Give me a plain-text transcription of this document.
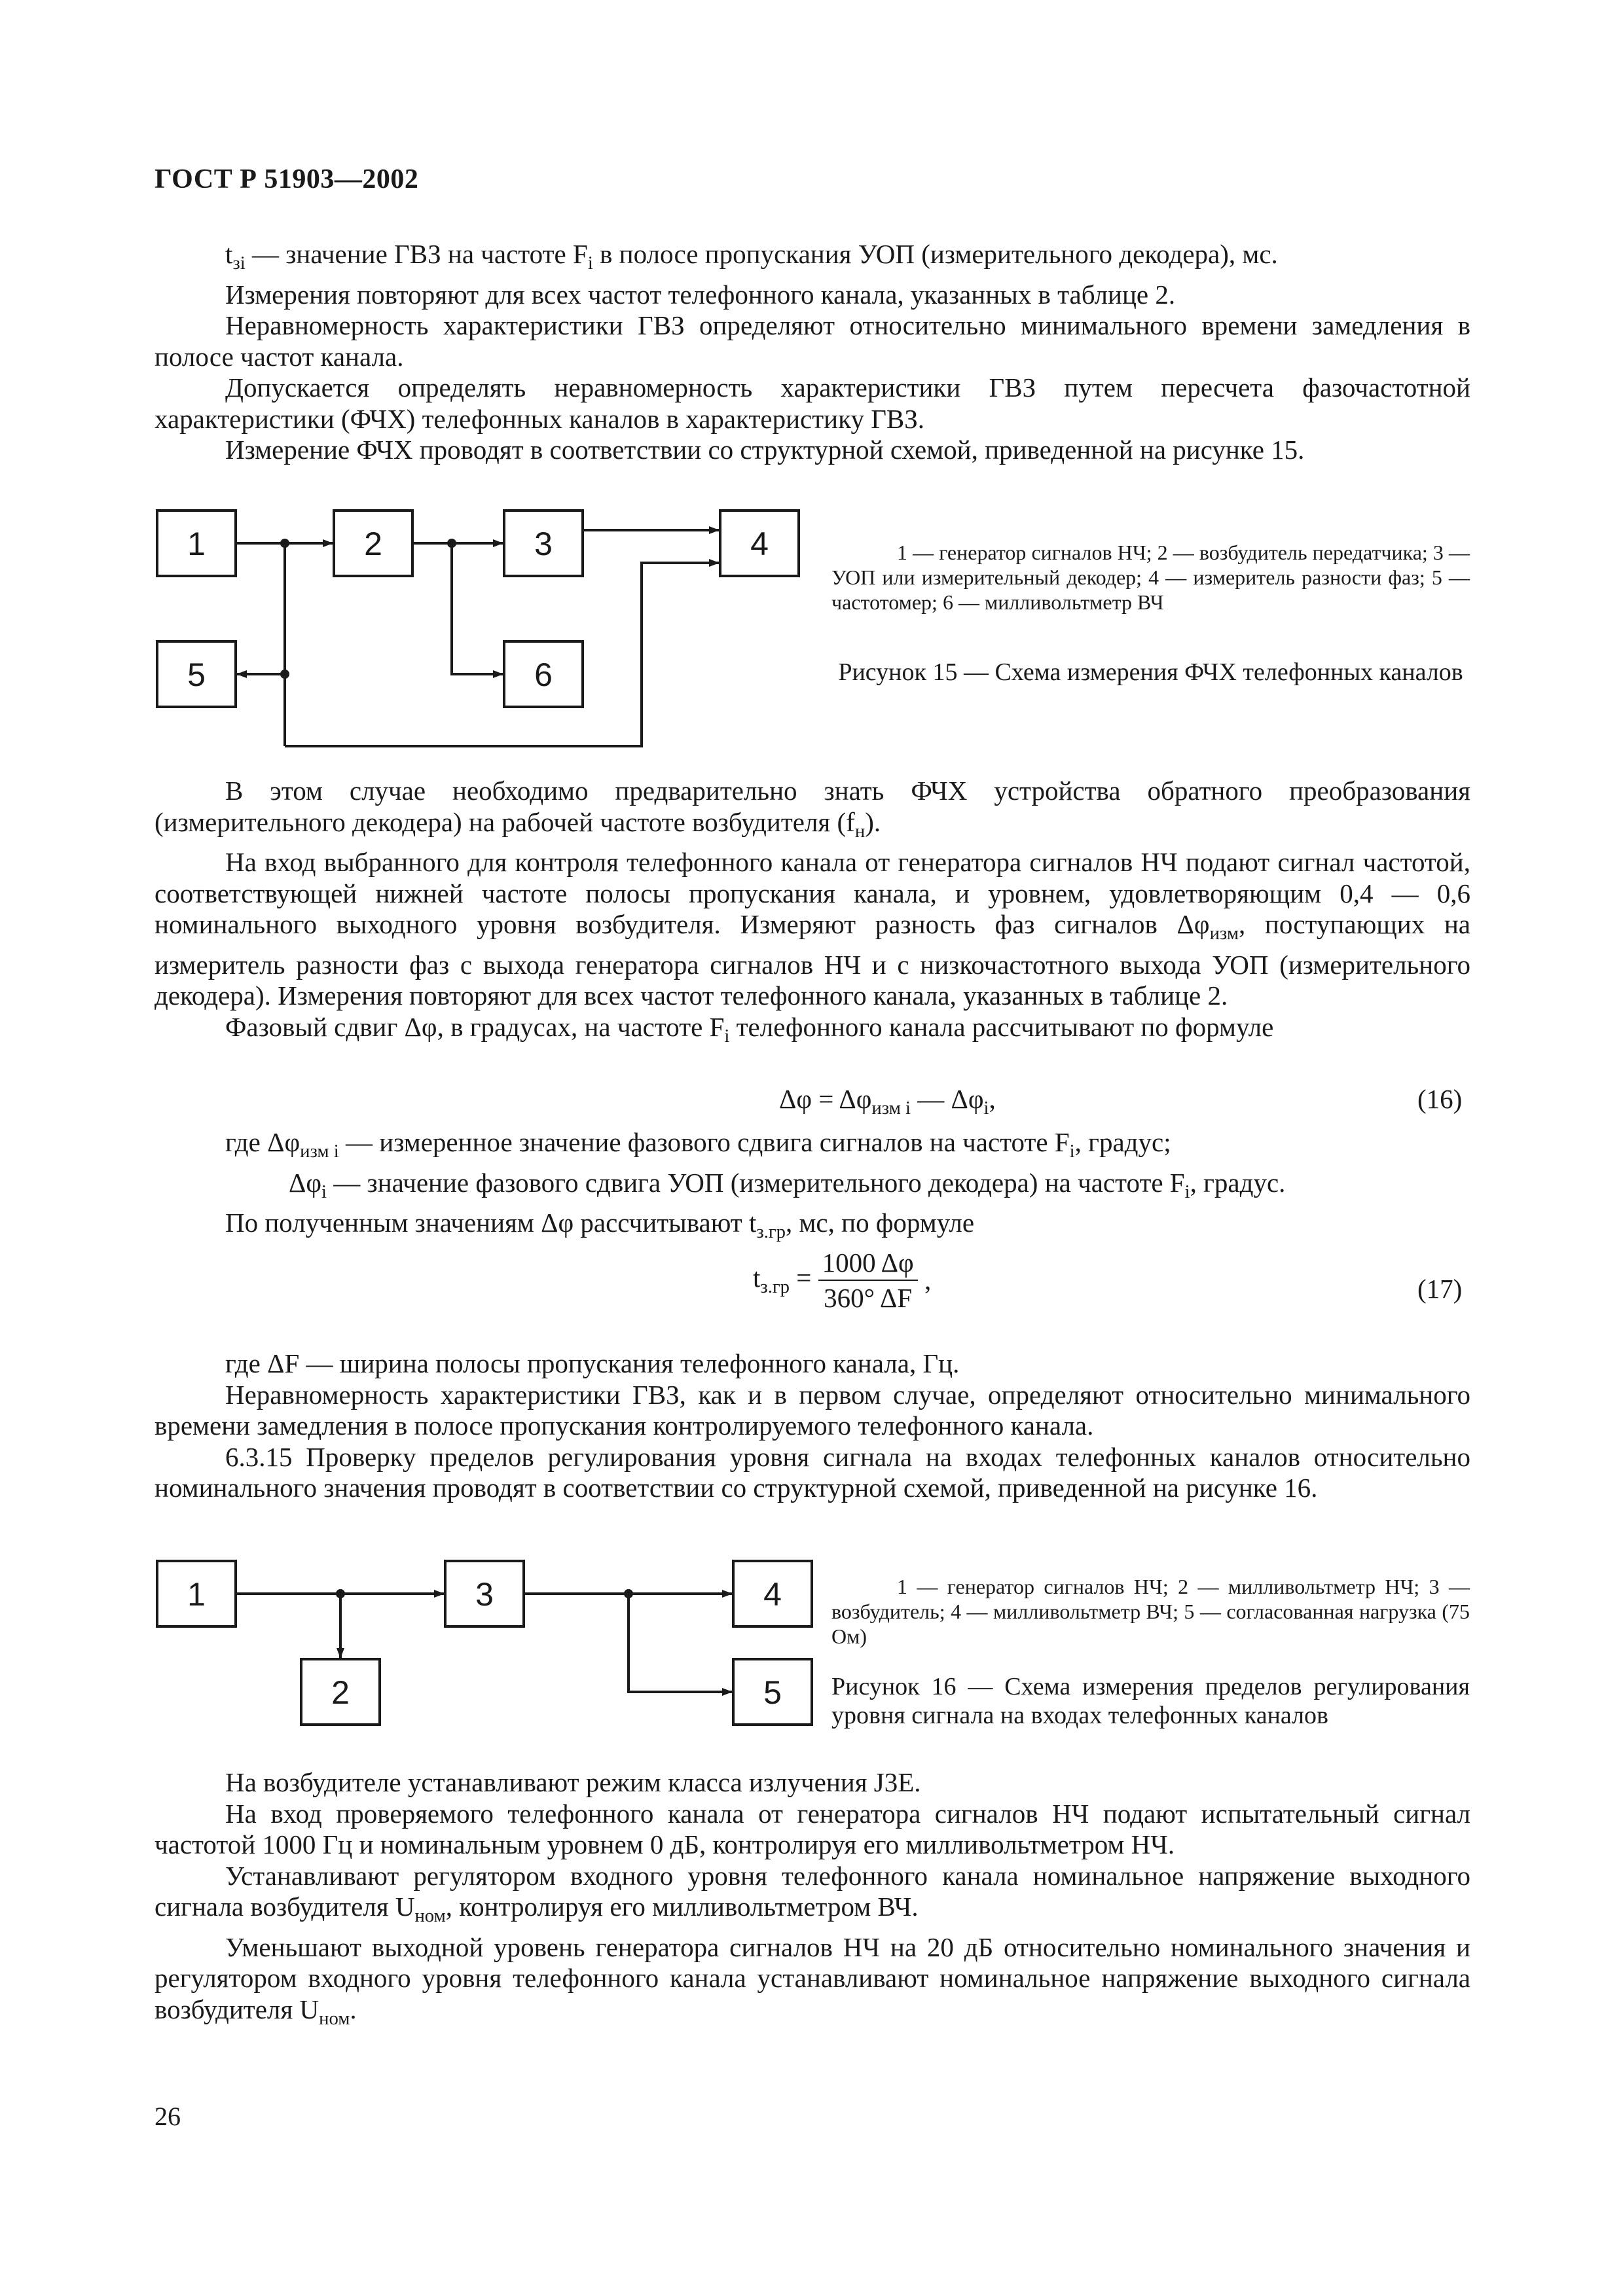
ГОСТ Р 51903—2002

$t_{зi}$ — значение ГВЗ на частоте $F_i$ в полосе пропускания УОП (измерительного декодера), мс.

Измерения повторяют для всех частот телефонного канала, указанных в таблице 2.

Неравномерность характеристики ГВЗ определяют относительно минимального времени замедления в полосе частот канала.

Допускается определять неравномерность характеристики ГВЗ путем пересчета фазочастотной характеристики (ФЧХ) телефонных каналов в характеристику ГВЗ.

Измерение ФЧХ проводят в соответствии со структурной схемой, приведенной на рисунке 15.

1	2	3	4
5	6
1 — генератор сигналов НЧ; 2 — возбудитель передатчика; 3 — УОП или измерительный декодер; 4 — измеритель разности фаз; 5 — частотомер; 6 — милливольтметр ВЧ
Рисунок 15 — Схема измерения ФЧХ телефонных каналов

В этом случае необходимо предварительно знать ФЧХ устройства обратного преобразования (измерительного декодера) на рабочей частоте возбудителя $(f_н)$.

На вход выбранного для контроля телефонного канала от генератора сигналов НЧ подают сигнал частотой, соответствующей нижней частоте полосы пропускания канала, и уровнем, удовлетворяющим 0,4 — 0,6 номинального выходного уровня возбудителя. Измеряют разность фаз сигналов $\Delta\varphi_{изм}$, поступающих на измеритель разности фаз с выхода генератора сигналов НЧ и с низкочастотного выхода УОП (измерительного декодера). Измерения повторяют для всех частот телефонного канала, указанных в таблице 2.

Фазовый сдвиг Δφ, в градусах, на частоте $F_i$ телефонного канала рассчитывают по формуле

$\Delta\varphi = \Delta\varphi_{изм i}$ — $\Delta\varphi_i$,	(16)

где $\Delta\varphi_{изм i}$ — измеренное значение фазового сдвига сигналов на частоте $F_i$, градус;

$\Delta\varphi_i$ — значение фазового сдвига УОП (измерительного декодера) на частоте $F_i$, градус.

По полученным значениям Δφ рассчитывают $t_{з.гр}$, мс, по формуле

$t_{з.гр} = \frac{1000 \Delta\varphi}{360^\circ \Delta F}$ ,	(17)

где ΔF — ширина полосы пропускания телефонного канала, Гц.

Неравномерность характеристики ГВЗ, как и в первом случае, определяют относительно минимального времени замедления в полосе пропускания контролируемого телефонного канала.

6.3.15 Проверку пределов регулирования уровня сигнала на входах телефонных каналов относительно номинального значения проводят в соответствии со структурной схемой, приведенной на рисунке 16.

1
2
3	4
5
1 — генератор сигналов НЧ; 2 — милливольтметр НЧ; 3 — возбудитель; 4 — милливольтметр ВЧ; 5 — согласованная нагрузка (75 Ом)
Рисунок 16 — Схема измерения пределов регулирования уровня сигнала на входах телефонных каналов

На возбудителе устанавливают режим класса излучения J3E.

На вход проверяемого телефонного канала от генератора сигналов НЧ подают испытательный сигнал частотой 1000 Гц и номинальным уровнем 0 дБ, контролируя его милливольтметром НЧ.

Устанавливают регулятором входного уровня телефонного канала номинальное напряжение выходного сигнала возбудителя $U_{ном}$, контролируя его милливольтметром ВЧ.

Уменьшают выходной уровень генератора сигналов НЧ на 20 дБ относительно номинального значения и регулятором входного уровня телефонного канала устанавливают номинальное напряжение выходного сигнала возбудителя $U_{ном}$.

26
